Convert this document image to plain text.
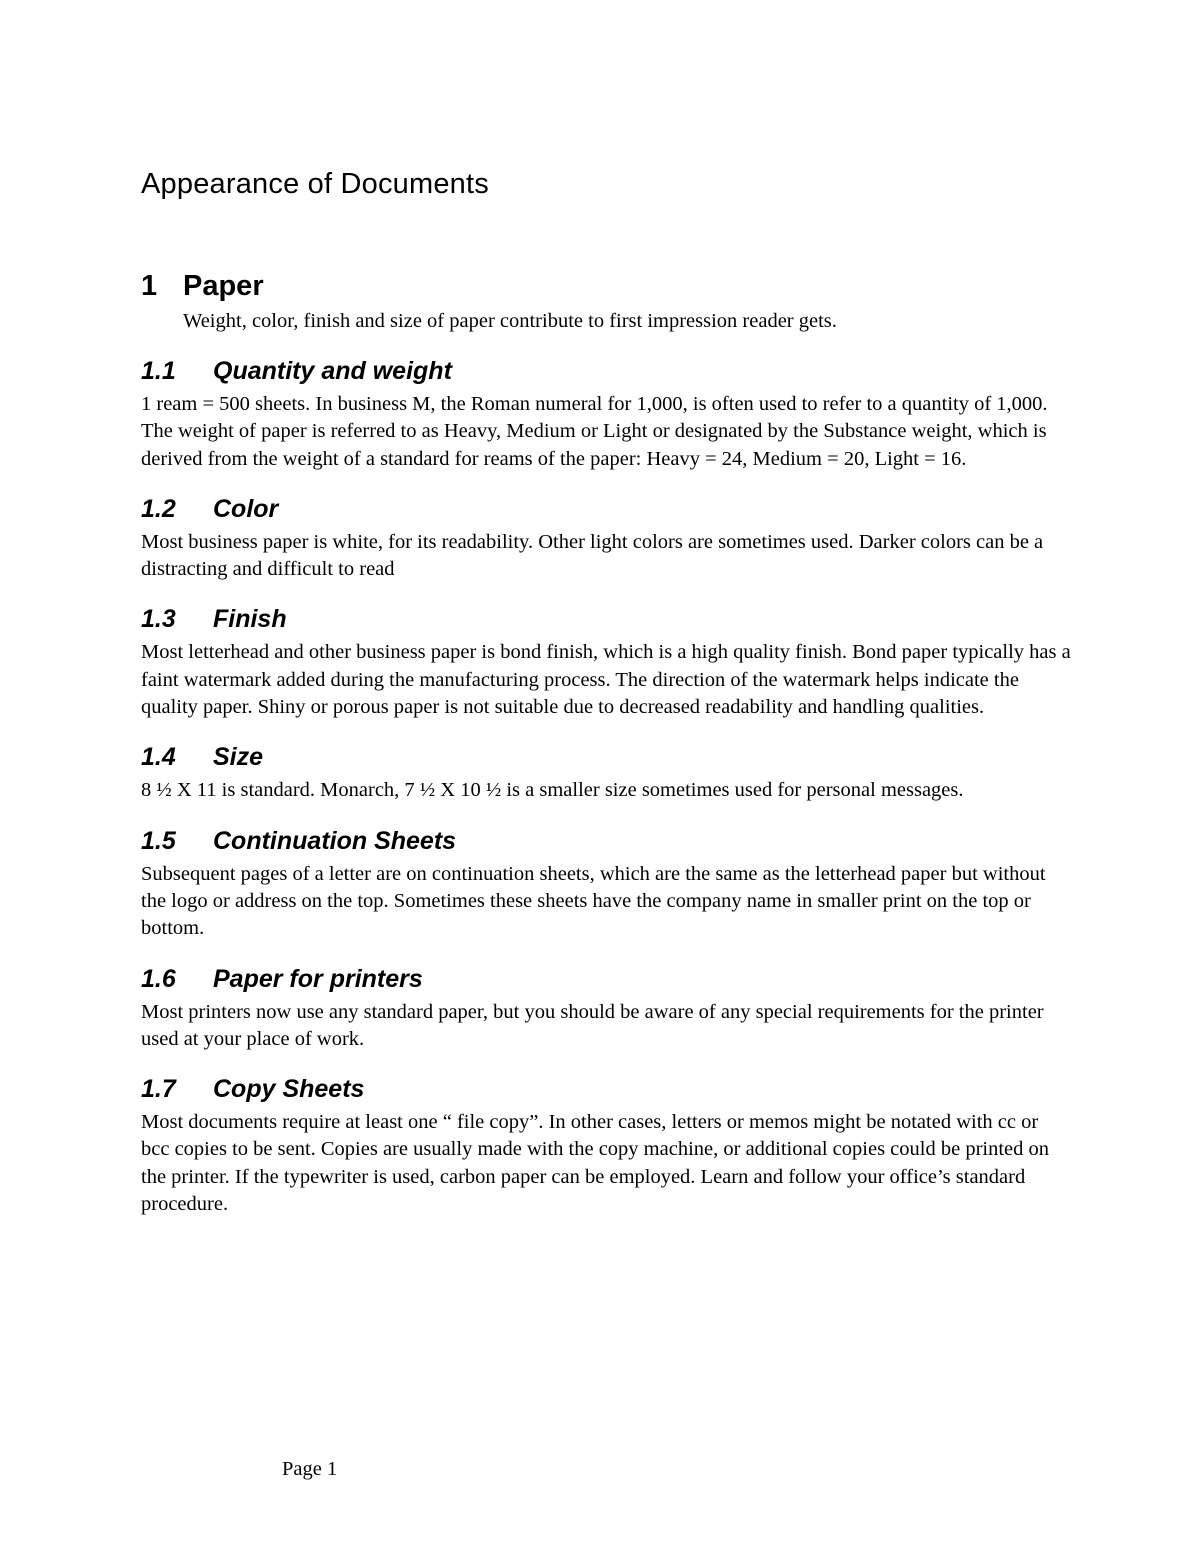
Appearance of Documents
1 Paper

Weight, color, finish and size of paper contribute to first impression reader gets.

1.1	Quantity and weight

1 ream = 500 sheets. In business M, the Roman numeral for 1,000, is often used to refer to a quantity of 1,000. The weight of paper is referred to as Heavy, Medium or Light or designated by the Substance weight, which is derived from the weight of a standard for reams of the paper: Heavy = 24, Medium = 20, Light = 16.

1.2	Color

Most business paper is white, for its readability. Other light colors are sometimes used. Darker colors can be a distracting and difficult to read

1.3	Finish

Most letterhead and other business paper is bond finish, which is a high quality finish. Bond paper typically has a faint watermark added during the manufacturing process. The direction of the watermark helps indicate the quality paper. Shiny or porous paper is not suitable due to decreased readability and handling qualities.

1.4	Size

8 ½ X 11 is standard. Monarch, 7 ½ X 10 ½ is a smaller size sometimes used for personal messages.

1.5	Continuation Sheets

Subsequent pages of a letter are on continuation sheets, which are the same as the letterhead paper but without the logo or address on the top. Sometimes these sheets have the company name in smaller print on the top or bottom.

1.6	Paper for printers

Most printers now use any standard paper, but you should be aware of any special requirements for the printer used at your place of work.

1.7	Copy Sheets

Most documents require at least one “ file copy”. In other cases, letters or memos might be notated with cc or bcc copies to be sent. Copies are usually made with the copy machine, or additional copies could be printed on the printer. If the typewriter is used, carbon paper can be employed. Learn and follow your office’s standard procedure.

Page 1
